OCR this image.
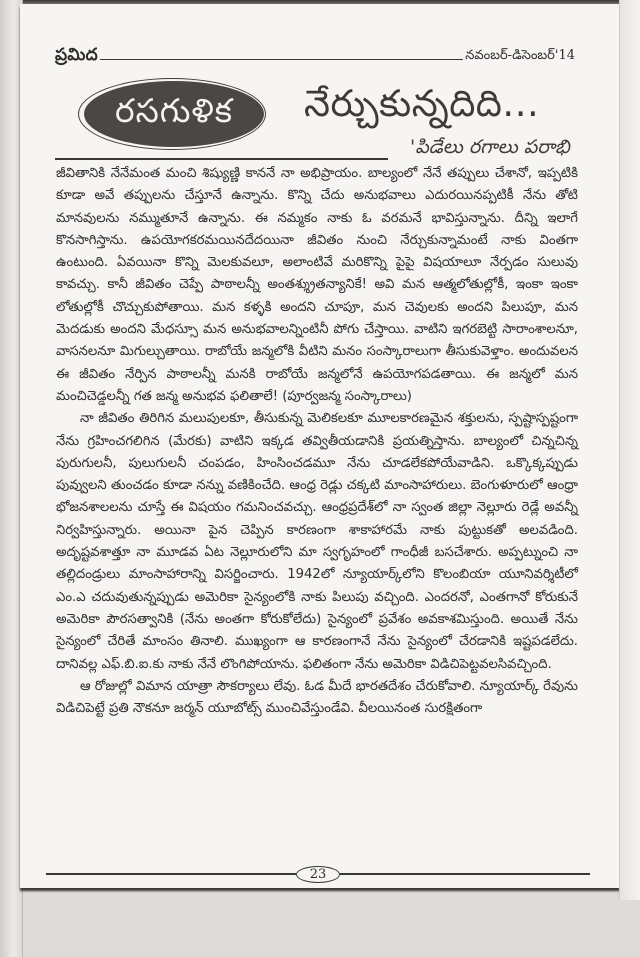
ప్రమిద	నవంబర్-డిసెంబర్'14
రసగుళిక నేర్చుకున్నదిది...
'పిడేలు రగాలు పరాభి

జీవితానికి నేనేమంత మంచి శిష్యుణ్ణి కాననే నా అభిప్రాయం. బాల్యంలో నేనే తప్పులు చేశానో, ఇప్పటికి కూడా అవే తప్పులను చేస్తూనే ఉన్నాను. కొన్ని చేదు అనుభవాలు ఎదురయినప్పటికీ నేను తోటి మానవులను నమ్ముతూనే ఉన్నాను. ఈ నమ్మకం నాకు ఓ వరమనే భావిస్తున్నాను. దీన్ని ఇలాగే కొనసాగిస్తాను. ఉపయోగకరమయినదేదయినా జీవితం నుంచి నేర్చుకున్నామంటే నాకు వింతగా ఉంటుంది. ఏవయినా కొన్ని మెలకువలూ, అలాంటివే మరికొన్ని పైపై విషయాలూ నేర్పడం సులువు కావచ్చు. కానీ జీవితం చెప్పే పాఠాలన్నీ అంతశ్శ్రుతన్యానికే! అవి మన ఆత్మలోతుల్లోకీ, ఇంకా ఇంకా లోతుల్లోకీ చొచ్చుకుపోతాయి. మన కళ్ళకి అందని చూపూ, మన చెవులకు అందని పిలుపూ, మన మెదడుకు అందని మేధస్సూ మన అనుభవాలన్నింటినీ పోగు చేస్తాయి. వాటిని ఇగరబెట్టి సారాంశాలనూ, వాసనలనూ మిగుల్చుతాయి. రాబోయే జన్మలోకి వీటిని మనం సంస్కారాలుగా తీసుకువెళ్తాం. అందువలన ఈ జీవితం నేర్పిన పాఠాలన్నీ మనకి రాబోయే జన్మలోనే ఉపయోగపడతాయి. ఈ జన్మలో మన మంచిచెడ్డలన్నీ గత జన్మ అనుభవ ఫలితాలే! (పూర్వజన్మ సంస్కారాలు)

నా జీవితం తిరిగిన మలుపులకూ, తీసుకున్న మెలికలకూ మూలకారణమైన శక్తులను, స్పష్టాస్పష్టంగా నేను గ్రహించగలిగిన (మేరకు) వాటిని ఇక్కడ తవ్వితీయడానికి ప్రయత్నిస్తాను. బాల్యంలో చిన్నచిన్న పురుగులనీ, పులుగులనీ చంపడం, హింసించడమూ నేను చూడలేకపోయేవాడిని. ఒక్కొక్కప్పుడు పువ్వులని తుంచడం కూడా నన్ను వణికించేది. ఆంధ్ర రెడ్లు చక్కటి మాంసాహారులు. బెంగుళూరులో ఆంధ్రా భోజనశాలలను చూస్తే ఈ విషయం గమనించవచ్చు. ఆంధ్రప్రదేశ్‌లో నా స్వంత జిల్లా నెల్లూరు రెడ్లే అవన్నీ నిర్వహిస్తున్నారు. అయినా పైన చెప్పిన కారణంగా శాకాహారమే నాకు పుట్టుకతో అలవడింది. అదృష్టవశాత్తూ నా మూడవ ఏట నెల్లూరులోని మా స్వగృహంలో గాంధీజీ బసచేశారు. అప్పట్నుంచి నా తల్లిదండ్రులు మాంసాహారాన్ని విసర్జించారు. 1942లో న్యూయార్క్‌లోని కొలంబియా యూనివర్శిటీలో ఎం.ఎ చదువుతున్నప్పుడు అమెరికా సైన్యంలోకి నాకు పిలుపు వచ్చింది. ఎందరనో, ఎంతగానో కోరుకునే అమెరికా పౌరసత్వానికి (నేను అంతగా కోరుకోలేదు) సైన్యంలో ప్రవేశం అవకాశమిస్తుంది. అయితే నేను సైన్యంలో చేరితే మాంసం తినాలి. ముఖ్యంగా ఆ కారణంగానే నేను సైన్యంలో చేరడానికి ఇష్టపడలేదు. దానివల్ల ఎఫ్.బి.ఐ.కు నాకు నేనే లొంగిపోయాను. ఫలితంగా నేను అమెరికా విడిచిపెట్టవలసివచ్చింది.

ఆ రోజుల్లో విమాన యాత్రా సౌకర్యాలు లేవు. ఓడ మీదే భారతదేశం చేరుకోవాలి. న్యూయార్క్ రేవును విడిచిపెట్టే ప్రతి నౌకనూ జర్మన్ యూబోట్స్ ముంచివేస్తుండేవి. వీలయినంత సురక్షితంగా

23
